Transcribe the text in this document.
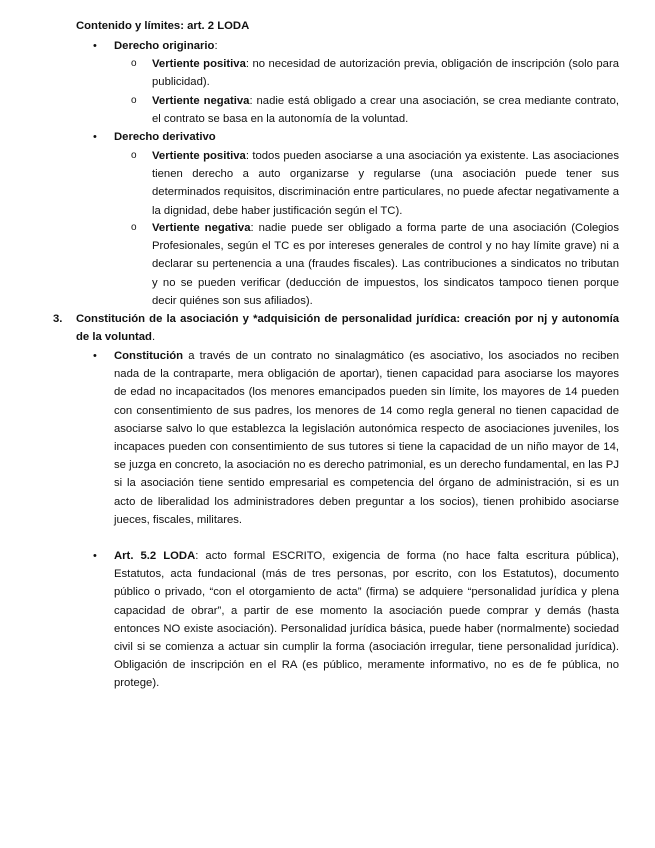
Contenido y límites: art. 2 LODA
• Derecho originario:
o Vertiente positiva: no necesidad de autorización previa, obligación de inscripción (solo para publicidad).
o Vertiente negativa: nadie está obligado a crear una asociación, se crea mediante contrato, el contrato se basa en la autonomía de la voluntad.
• Derecho derivativo
o Vertiente positiva: todos pueden asociarse a una asociación ya existente. Las asociaciones tienen derecho a auto organizarse y regularse (una asociación puede tener sus determinados requisitos, discriminación entre particulares, no puede afectar negativamente a la dignidad, debe haber justificación según el TC).
o Vertiente negativa: nadie puede ser obligado a forma parte de una asociación (Colegios Profesionales, según el TC es por intereses generales de control y no hay límite grave) ni a declarar su pertenencia a una (fraudes fiscales). Las contribuciones a sindicatos no tributan y no se pueden verificar (deducción de impuestos, los sindicatos tampoco tienen porque decir quiénes son sus afiliados).
3. Constitución de la asociación y *adquisición de personalidad jurídica: creación por nj y autonomía de la voluntad.
• Constitución a través de un contrato no sinalagmático (es asociativo, los asociados no reciben nada de la contraparte, mera obligación de aportar), tienen capacidad para asociarse los mayores de edad no incapacitados (los menores emancipados pueden sin límite, los mayores de 14 pueden con consentimiento de sus padres, los menores de 14 como regla general no tienen capacidad de asociarse salvo lo que establezca la legislación autonómica respecto de asociaciones juveniles, los incapaces pueden con consentimiento de sus tutores si tiene la capacidad de un niño mayor de 14, se juzga en concreto, la asociación no es derecho patrimonial, es un derecho fundamental, en las PJ si la asociación tiene sentido empresarial es competencia del órgano de administración, si es un acto de liberalidad los administradores deben preguntar a los socios), tienen prohibido asociarse jueces, fiscales, militares.
• Art. 5.2 LODA: acto formal ESCRITO, exigencia de forma (no hace falta escritura pública), Estatutos, acta fundacional (más de tres personas, por escrito, con los Estatutos), documento público o privado, “con el otorgamiento de acta” (firma) se adquiere “personalidad jurídica y plena capacidad de obrar”, a partir de ese momento la asociación puede comprar y demás (hasta entonces NO existe asociación). Personalidad jurídica básica, puede haber (normalmente) sociedad civil si se comienza a actuar sin cumplir la forma (asociación irregular, tiene personalidad jurídica). Obligación de inscripción en el RA (es público, meramente informativo, no es de fe pública, no protege).
